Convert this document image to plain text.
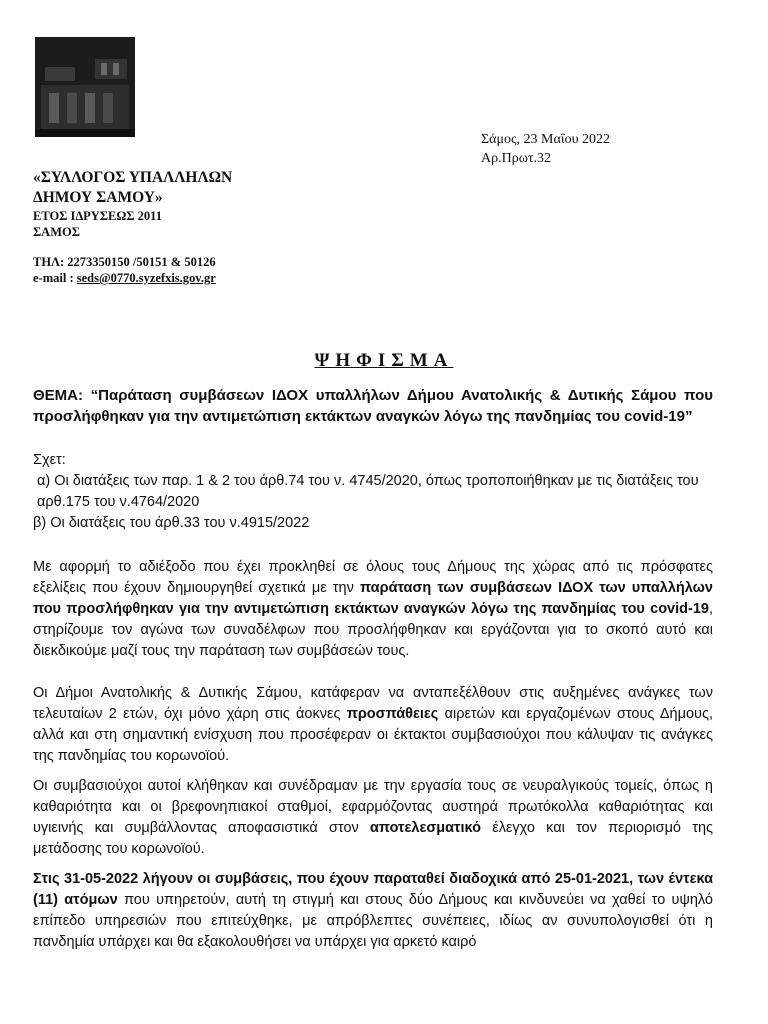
Σάμος, 23 Μαΐου 2022
Αρ.Πρωτ.32
«ΣΥΛΛΟΓΟΣ ΥΠΑΛΛΗΛΩΝ
ΔΗΜΟΥ ΣΑΜΟΥ»
ΕΤΟΣ ΙΔΡΥΣΕΩΣ 2011
ΣΑΜΟΣ
ΤΗΛ: 2273350150 /50151 & 50126
e-mail : seds@0770.syzefxis.gov.gr
ΨΗΦΙΣΜΑ
ΘΕΜΑ: “Παράταση συμβάσεων ΙΔΟΧ υπαλλήλων Δήμου Ανατολικής & Δυτικής Σάμου που προσλήφθηκαν για την αντιμετώπιση εκτάκτων αναγκών λόγω της πανδημίας του covid-19”
Σχετ:
α) Οι διατάξεις των παρ. 1 & 2 του άρθ.74 του ν. 4745/2020, όπως τροποποιήθηκαν με τις διατάξεις του αρθ.175 του ν.4764/2020
β) Οι διατάξεις του άρθ.33 του ν.4915/2022

Με αφορμή το αδιέξοδο που έχει προκληθεί σε όλους τους Δήμους της χώρας από τις πρόσφατες εξελίξεις που έχουν δημιουργηθεί σχετικά με την παράταση των συμβάσεων ΙΔΟΧ των υπαλλήλων που προσλήφθηκαν για την αντιμετώπιση εκτάκτων αναγκών λόγω της πανδημίας του covid-19, στηρίζουμε τον αγώνα των συναδέλφων που προσλήφθηκαν και εργάζονται για το σκοπό αυτό και διεκδικούμε μαζί τους την παράταση των συμβάσεών τους.

Οι Δήμοι Ανατολικής & Δυτικής Σάμου, κατάφεραν να ανταπεξέλθουν στις αυξημένες ανάγκες των τελευταίων 2 ετών, όχι μόνο χάρη στις άοκνες προσπάθειες αιρετών και εργαζομένων στους Δήμους, αλλά και στη σημαντική ενίσχυση που προσέφεραν οι έκτακτοι συμβασιούχοι που κάλυψαν τις ανάγκες της πανδημίας του κορωνοϊού.

Οι συμβασιούχοι αυτοί κλήθηκαν και συνέδραμαν με την εργασία τους σε νευραλγικούς τομείς, όπως η καθαριότητα και οι βρεφονηπιακοί σταθμοί, εφαρμόζοντας αυστηρά πρωτόκολλα καθαριότητας και υγιεινής και συμβάλλοντας αποφασιστικά στον αποτελεσματικό έλεγχο και τον περιορισμό της μετάδοσης του κορωνοϊού.

Στις 31-05-2022 λήγουν οι συμβάσεις, που έχουν παραταθεί διαδοχικά από 25-01-2021, των έντεκα (11) ατόμων που υπηρετούν, αυτή τη στιγμή και στους δύο Δήμους και κινδυνεύει να χαθεί το υψηλό επίπεδο υπηρεσιών που επιτεύχθηκε, με απρόβλεπτες συνέπειες, ιδίως αν συνυπολογισθεί ότι η πανδημία υπάρχει και θα εξακολουθήσει να υπάρχει για αρκετό καιρό
